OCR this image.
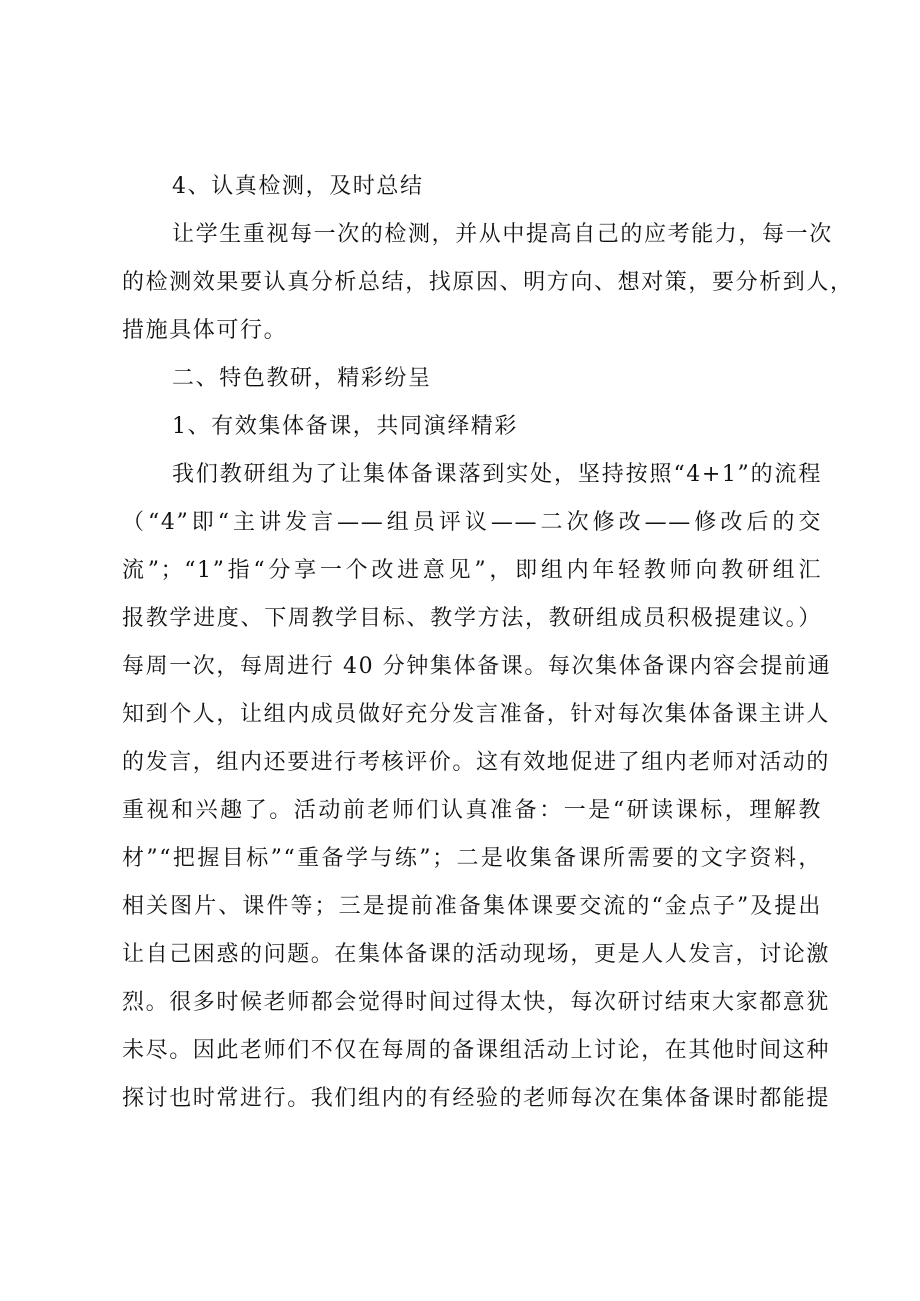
4、认真检测，及时总结
让学生重视每一次的检测，并从中提高自己的应考能力，每一次
的检测效果要认真分析总结，找原因、明方向、想对策，要分析到人，
措施具体可行。
二、特色教研，精彩纷呈
1、有效集体备课，共同演绎精彩
我们教研组为了让集体备课落到实处，坚持按照“4+1”的流程
（“4”即“主讲发言——组员评议——二次修改——修改后的交
流”；“1”指“分享一个改进意见”，即组内年轻教师向教研组汇
报教学进度、下周教学目标、教学方法，教研组成员积极提建议。）
每周一次，每周进行 40 分钟集体备课。每次集体备课内容会提前通
知到个人，让组内成员做好充分发言准备，针对每次集体备课主讲人
的发言，组内还要进行考核评价。这有效地促进了组内老师对活动的
重视和兴趣了。活动前老师们认真准备：一是“研读课标，理解教
材”“把握目标”“重备学与练”；二是收集备课所需要的文字资料，
相关图片、课件等；三是提前准备集体课要交流的“金点子”及提出
让自己困惑的问题。在集体备课的活动现场，更是人人发言，讨论激
烈。很多时候老师都会觉得时间过得太快，每次研讨结束大家都意犹
未尽。因此老师们不仅在每周的备课组活动上讨论，在其他时间这种
探讨也时常进行。我们组内的有经验的老师每次在集体备课时都能提
